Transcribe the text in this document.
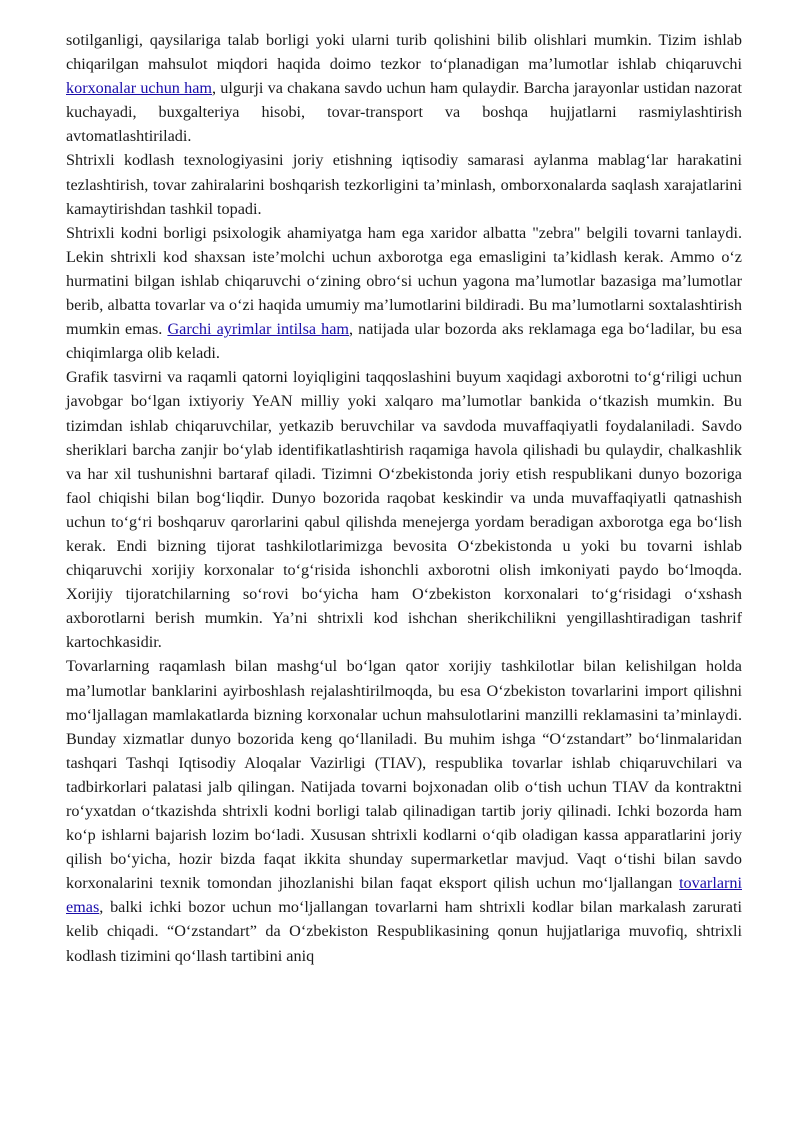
sotilganligi, qaysilariga talab borligi yoki ularni turib qolishini bilib olishlari mumkin. Tizim ishlab chiqarilgan mahsulot miqdori haqida doimo tezkor to‘planadigan ma’lumotlar ishlab chiqaruvchi korxonalar uchun ham, ulgurji va chakana savdo uchun ham qulaydir. Barcha jarayonlar ustidan nazorat kuchayadi, buxgalteriya hisobi, tovar-transport va boshqa hujjatlarni rasmiylashtirish avtomatlashtiriladi.

Shtrixli kodlash texnologiyasini joriy etishning iqtisodiy samarasi aylanma mablag‘lar harakatini tezlashtirish, tovar zahiralarini boshqarish tezkorligini ta’minlash, omborxonalarda saqlash xarajatlarini kamaytirishdan tashkil topadi.

Shtrixli kodni borligi psixologik ahamiyatga ham ega xaridor albatta "zebra" belgili tovarni tanlaydi. Lekin shtrixli kod shaxsan iste’molchi uchun axborotga ega emasligini ta’kidlash kerak. Ammo o‘z hurmatini bilgan ishlab chiqaruvchi o‘zining obro‘si uchun yagona ma’lumotlar bazasiga ma’lumotlar berib, albatta tovarlar va o‘zi haqida umumiy ma’lumotlarini bildiradi. Bu ma’lumotlarni soxtalashtirish mumkin emas. Garchi ayrimlar intilsa ham, natijada ular bozorda aks reklamaga ega bo‘ladilar, bu esa chiqimlarga olib keladi.

Grafik tasvirni va raqamli qatorni loyiqligini taqqoslashini buyum xaqidagi axborotni to‘g‘riligi uchun javobgar bo‘lgan ixtiyoriy YeAN milliy yoki xalqaro ma’lumotlar bankida o‘tkazish mumkin. Bu tizimdan ishlab chiqaruvchilar, yetkazib beruvchilar va savdoda muvaffaqiyatli foydalaniladi. Savdo sheriklari barcha zanjir bo‘ylab identifikatlashtirish raqamiga havola qilishadi bu qulaydir, chalkashlik va har xil tushunishni bartaraf qiladi. Tizimni O‘zbekistonda joriy etish respublikani dunyo bozoriga faol chiqishi bilan bog‘liqdir. Dunyo bozorida raqobat keskindir va unda muvaffaqiyatli qatnashish uchun to‘g‘ri boshqaruv qarorlarini qabul qilishda menejerga yordam beradigan axborotga ega bo‘lish kerak. Endi bizning tijorat tashkilotlarimizga bevosita O‘zbekistonda u yoki bu tovarni ishlab chiqaruvchi xorijiy korxonalar to‘g‘risida ishonchli axborotni olish imkoniyati paydo bo‘lmoqda. Xorijiy tijoratchilarning so‘rovi bo‘yicha ham O‘zbekiston korxonalari to‘g‘risidagi o‘xshash axborotlarni berish mumkin. Ya’ni shtrixli kod ishchan sherikchilikni yengillashtiradigan tashrif kartochkasidir.

Tovarlarning raqamlash bilan mashg‘ul bo‘lgan qator xorijiy tashkilotlar bilan kelishilgan holda ma’lumotlar banklarini ayirboshlash rejalashtirilmoqda, bu esa O‘zbekiston tovarlarini import qilishni mo‘ljallagan mamlakatlarda bizning korxonalar uchun mahsulotlarini manzilli reklamasini ta’minlaydi. Bunday xizmatlar dunyo bozorida keng qo‘llaniladi. Bu muhim ishga “O‘zstandart” bo‘linmalaridan tashqari Tashqi Iqtisodiy Aloqalar Vazirligi (TIAV), respublika tovarlar ishlab chiqaruvchilari va tadbirkorlari palatasi jalb qilingan. Natijada tovarni bojxonadan olib o‘tish uchun TIAV da kontraktni ro‘yxatdan o‘tkazishda shtrixli kodni borligi talab qilinadigan tartib joriy qilinadi. Ichki bozorda ham ko‘p ishlarni bajarish lozim bo‘ladi. Xususan shtrixli kodlarni o‘qib oladigan kassa apparatlarini joriy qilish bo‘yicha, hozir bizda faqat ikkita shunday supermarketlar mavjud. Vaqt o‘tishi bilan savdo korxonalarini texnik tomondan jihozlanishi bilan faqat eksport qilish uchun mo‘ljallangan tovarlarni emas, balki ichki bozor uchun mo‘ljallangan tovarlarni ham shtrixli kodlar bilan markalash zarurati kelib chiqadi. “O‘zstandart” da O‘zbekiston Respublikasining qonun hujjatlariga muvofiq, shtrixli kodlash tizimini qo‘llash tartibini aniq
